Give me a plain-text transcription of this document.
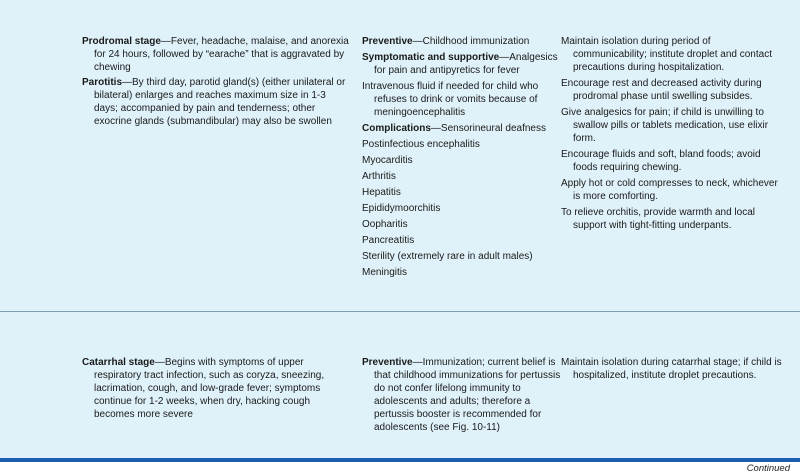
Prodromal stage—Fever, headache, malaise, and anorexia for 24 hours, followed by “earache” that is aggravated by chewing
Parotitis—By third day, parotid gland(s) (either unilateral or bilateral) enlarges and reaches maximum size in 1-3 days; accompanied by pain and tenderness; other exocrine glands (submandibular) may also be swollen
Preventive—Childhood immunization
Symptomatic and supportive—Analgesics for pain and antipyretics for fever
Intravenous fluid if needed for child who refuses to drink or vomits because of meningoencephalitis
Complications—Sensorineural deafness
Postinfectious encephalitis
Myocarditis
Arthritis
Hepatitis
Epididymoorchitis
Oopharitis
Pancreatitis
Sterility (extremely rare in adult males)
Meningitis
Maintain isolation during period of communicability; institute droplet and contact precautions during hospitalization.
Encourage rest and decreased activity during prodromal phase until swelling subsides.
Give analgesics for pain; if child is unwilling to swallow pills or tablets medication, use elixir form.
Encourage fluids and soft, bland foods; avoid foods requiring chewing.
Apply hot or cold compresses to neck, whichever is more comforting.
To relieve orchitis, provide warmth and local support with tight-fitting underpants.
Catarrhal stage—Begins with symptoms of upper respiratory tract infection, such as coryza, sneezing, lacrimation, cough, and low-grade fever; symptoms continue for 1-2 weeks, when dry, hacking cough becomes more severe
Preventive—Immunization; current belief is that childhood immunizations for pertussis do not confer lifelong immunity to adolescents and adults; therefore a pertussis booster is recommended for adolescents (see Fig. 10-11)
Maintain isolation during catarrhal stage; if child is hospitalized, institute droplet precautions.
Continued
